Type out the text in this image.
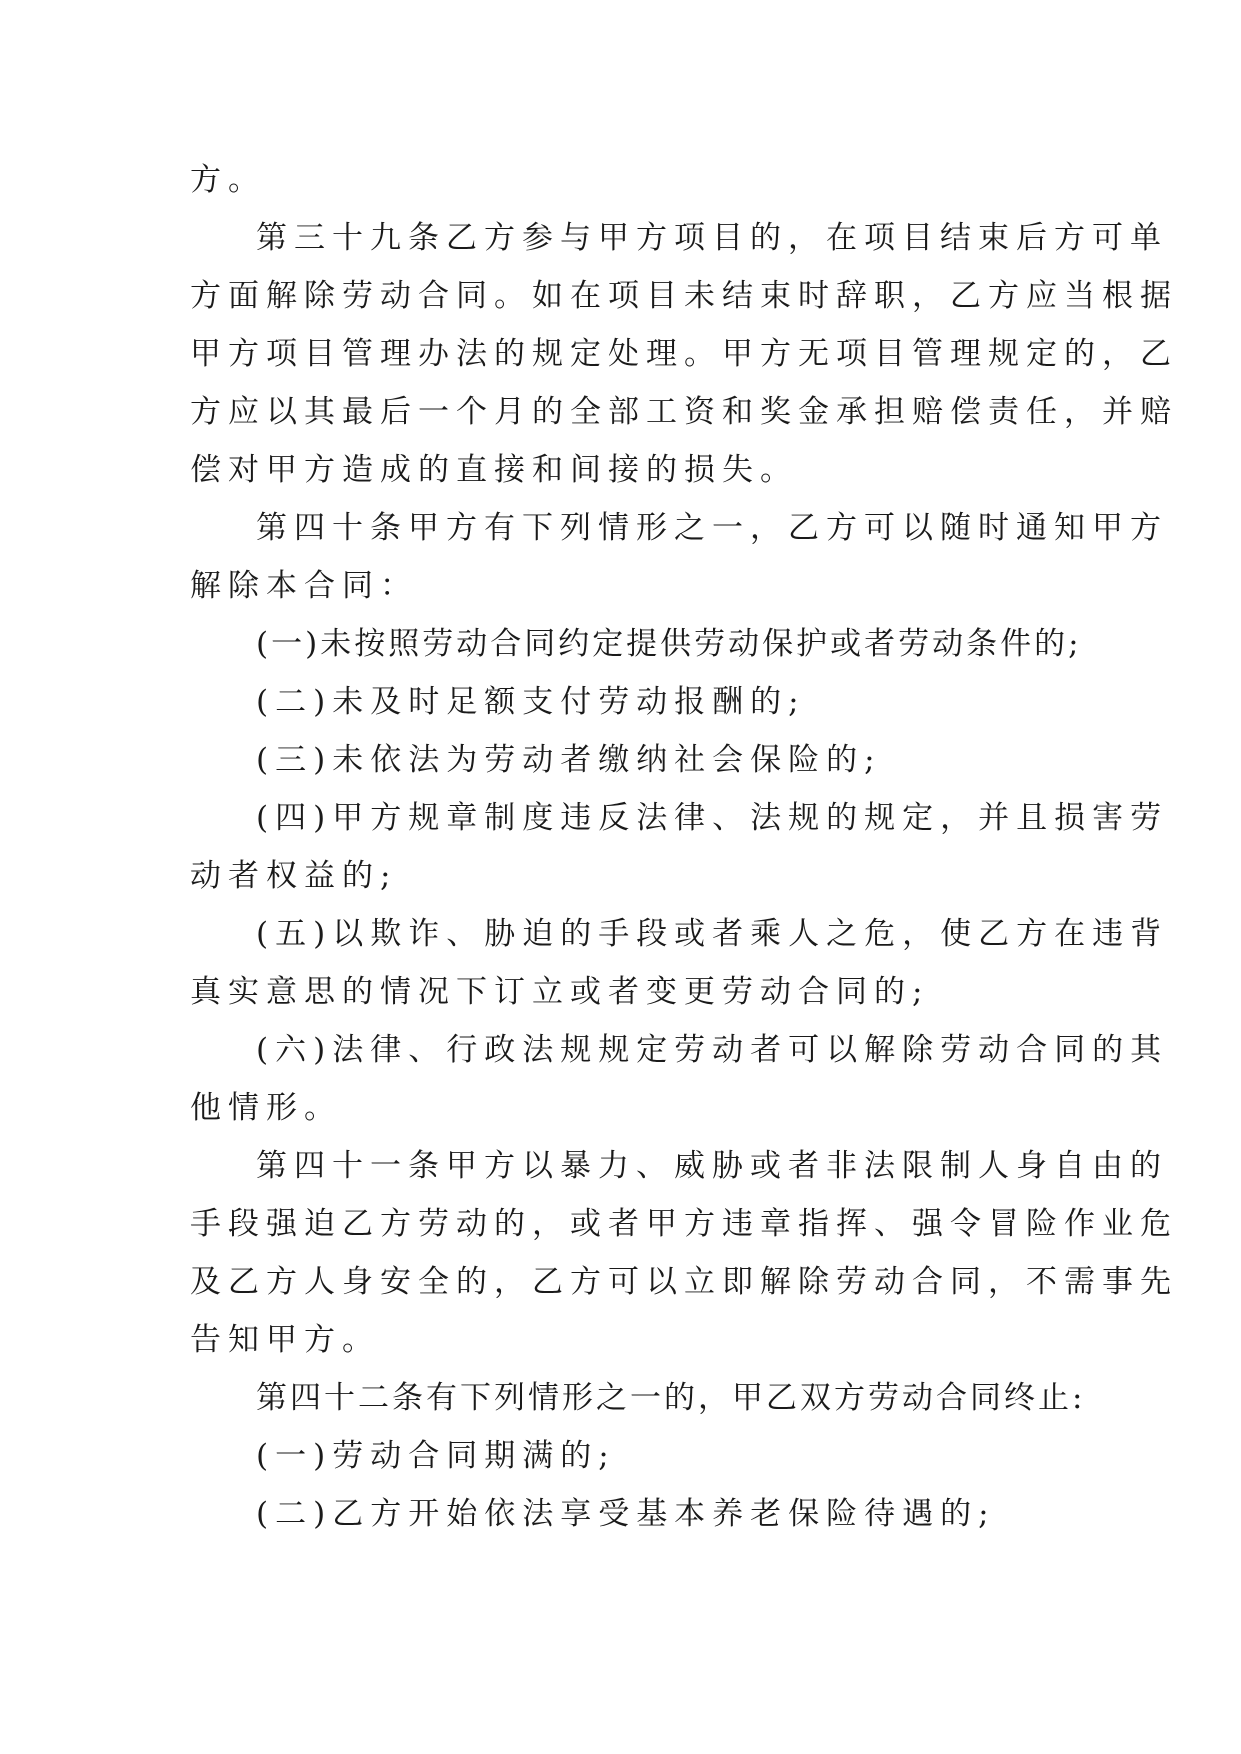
方。
第三十九条乙方参与甲方项目的，在项目结束后方可单
方面解除劳动合同。如在项目未结束时辞职，乙方应当根据
甲方项目管理办法的规定处理。甲方无项目管理规定的，乙
方应以其最后一个月的全部工资和奖金承担赔偿责任，并赔
偿对甲方造成的直接和间接的损失。
第四十条甲方有下列情形之一，乙方可以随时通知甲方
解除本合同：
(一)未按照劳动合同约定提供劳动保护或者劳动条件的;
(二)未及时足额支付劳动报酬的;
(三)未依法为劳动者缴纳社会保险的;
(四)甲方规章制度违反法律、法规的规定，并且损害劳
动者权益的;
(五)以欺诈、胁迫的手段或者乘人之危，使乙方在违背
真实意思的情况下订立或者变更劳动合同的;
(六)法律、行政法规规定劳动者可以解除劳动合同的其
他情形。
第四十一条甲方以暴力、威胁或者非法限制人身自由的
手段强迫乙方劳动的，或者甲方违章指挥、强令冒险作业危
及乙方人身安全的，乙方可以立即解除劳动合同，不需事先
告知甲方。
第四十二条有下列情形之一的，甲乙双方劳动合同终止:
(一)劳动合同期满的;
(二)乙方开始依法享受基本养老保险待遇的;
